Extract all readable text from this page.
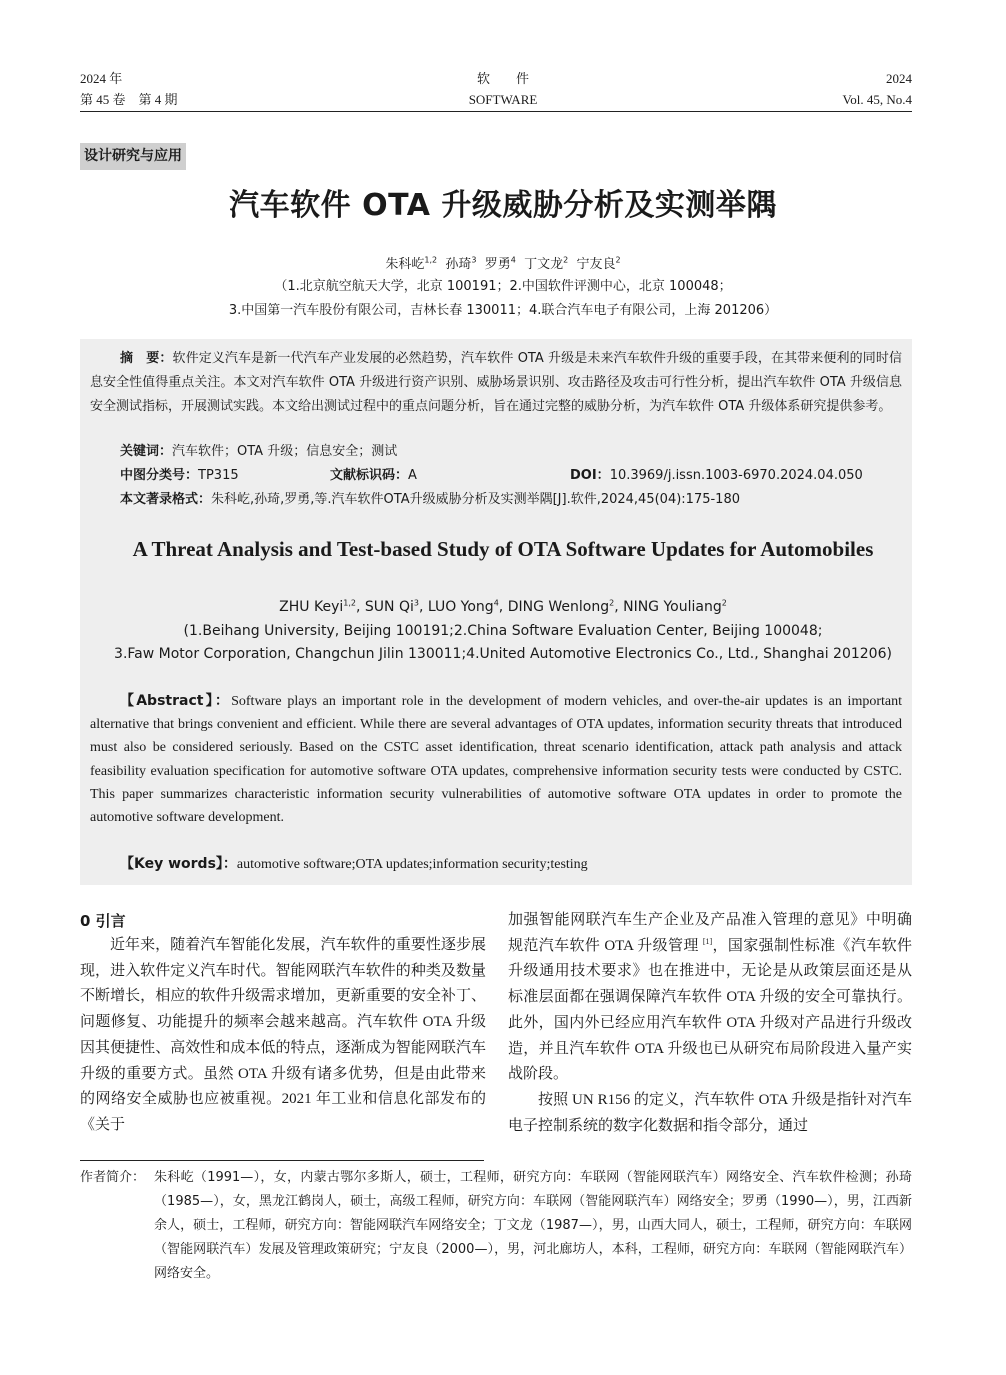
2024 年
第 45 卷　第 4 期
软　　件
SOFTWARE
2024
Vol. 45, No.4
设计研究与应用
汽车软件 OTA 升级威胁分析及实测举隅
朱科屹$^{1,2}$ 孙琦$^3$ 罗勇$^4$ 丁文龙$^2$ 宁友良$^2$
（1.北京航空航天大学，北京 100191；2.中国软件评测中心，北京 100048；
3.中国第一汽车股份有限公司，吉林长春 130011；4.联合汽车电子有限公司，上海 201206）
摘　要：软件定义汽车是新一代汽车产业发展的必然趋势，汽车软件 OTA 升级是未来汽车软件升级的重要手段，在其带来便利的同时信息安全性值得重点关注。本文对汽车软件 OTA 升级进行资产识别、威胁场景识别、攻击路径及攻击可行性分析，提出汽车软件 OTA 升级信息安全测试指标，开展测试实践。本文给出测试过程中的重点问题分析，旨在通过完整的威胁分析，为汽车软件 OTA 升级体系研究提供参考。
关键词：汽车软件；OTA 升级；信息安全；测试
中图分类号：TP315	文献标识码：A	DOI：10.3969/j.issn.1003-6970.2024.04.050
本文著录格式：朱科屹,孙琦,罗勇,等.汽车软件OTA升级威胁分析及实测举隅[J].软件,2024,45(04):175-180
A Threat Analysis and Test-based Study of OTA Software Updates for Automobiles
ZHU Keyi$^{1,2}$, SUN Qi$^3$, LUO Yong$^4$, DING Wenlong$^2$, NING Youliang$^2$
(1.Beihang University, Beijing 100191;2.China Software Evaluation Center, Beijing 100048;
3.Faw Motor Corporation, Changchun Jilin 130011;4.United Automotive Electronics Co., Ltd., Shanghai 201206)
【Abstract】：Software plays an important role in the development of modern vehicles, and over-the-air updates is an important alternative that brings convenient and efficient. While there are several advantages of OTA updates, information security threats that introduced must also be considered seriously. Based on the CSTC asset identification, threat scenario identification, attack path analysis and attack feasibility evaluation specification for automotive software OTA updates, comprehensive information security tests were conducted by CSTC. This paper summarizes characteristic information security vulnerabilities of automotive software OTA updates in order to promote the automotive software development.
【Key words】：automotive software;OTA updates;information security;testing
0 引言
近年来，随着汽车智能化发展，汽车软件的重要性逐步展现，进入软件定义汽车时代。智能网联汽车软件的种类及数量不断增长，相应的软件升级需求增加，更新重要的安全补丁、问题修复、功能提升的频率会越来越高。汽车软件 OTA 升级因其便捷性、高效性和成本低的特点，逐渐成为智能网联汽车升级的重要方式。虽然 OTA 升级有诸多优势，但是由此带来的网络安全威胁也应被重视。2021 年工业和信息化部发布的《关于
加强智能网联汽车生产企业及产品准入管理的意见》中明确规范汽车软件 OTA 升级管理 [1]，国家强制性标准《汽车软件升级通用技术要求》也在推进中，无论是从政策层面还是从标准层面都在强调保障汽车软件 OTA 升级的安全可靠执行。此外，国内外已经应用汽车软件 OTA 升级对产品进行升级改造，并且汽车软件 OTA 升级也已从研究布局阶段进入量产实战阶段。
按照 UN R156 的定义，汽车软件 OTA 升级是指针对汽车电子控制系统的数字化数据和指令部分，通过
作者简介： 朱科屹（1991—），女，内蒙古鄂尔多斯人，硕士，工程师，研究方向：车联网（智能网联汽车）网络安全、汽车软件检测；孙琦（1985—），女，黑龙江鹤岗人，硕士，高级工程师，研究方向：车联网（智能网联汽车）网络安全；罗勇（1990—），男，江西新余人，硕士，工程师，研究方向：智能网联汽车网络安全；丁文龙（1987—），男，山西大同人，硕士，工程师，研究方向：车联网（智能网联汽车）发展及管理政策研究；宁友良（2000—），男，河北廊坊人，本科，工程师，研究方向：车联网（智能网联汽车）网络安全。
